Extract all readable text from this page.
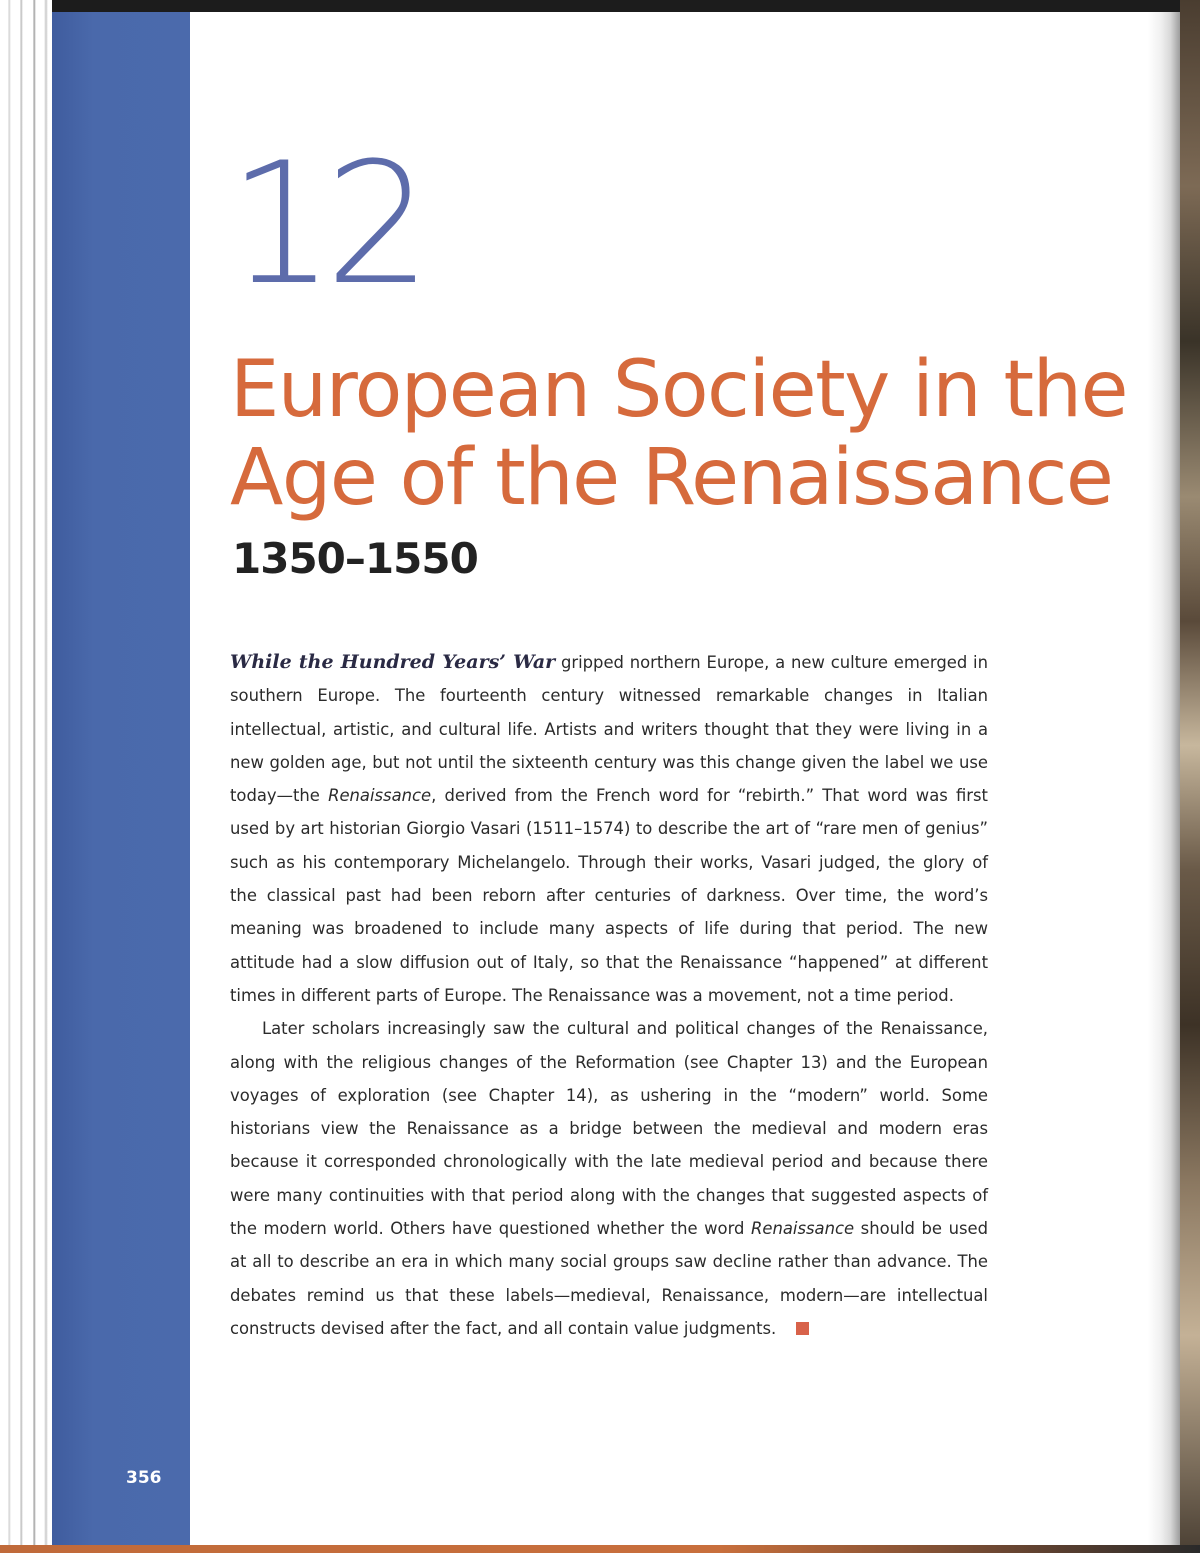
356
12
European Society in the
Age of the Renaissance
1350–1550

While the Hundred Years’ War gripped northern Europe, a new culture emerged in southern Europe. The fourteenth century witnessed remarkable changes in Italian intellectual, artistic, and cultural life. Artists and writers thought that they were living in a new golden age, but not until the sixteenth century was this change given the label we use today—the Renaissance, derived from the French word for “rebirth.” That word was first used by art historian Giorgio Vasari (1511–1574) to describe the art of “rare men of genius” such as his contemporary Michelangelo. Through their works, Vasari judged, the glory of the classical past had been reborn after centuries of darkness. Over time, the word’s meaning was broadened to include many aspects of life during that period. The new attitude had a slow diffusion out of Italy, so that the Renaissance “happened” at different times in different parts of Europe. The Renaissance was a movement, not a time period.

Later scholars increasingly saw the cultural and political changes of the Renaissance, along with the religious changes of the Reformation (see Chapter 13) and the European voyages of exploration (see Chapter 14), as ushering in the “modern” world. Some historians view the Renaissance as a bridge between the medieval and modern eras because it corresponded chronologically with the late medieval period and because there were many continuities with that period along with the changes that suggested aspects of the modern world. Others have questioned whether the word Renaissance should be used at all to describe an era in which many social groups saw decline rather than advance. The debates remind us that these labels—medieval, Renaissance, modern—are intellectual constructs devised after the fact, and all contain value judgments.
